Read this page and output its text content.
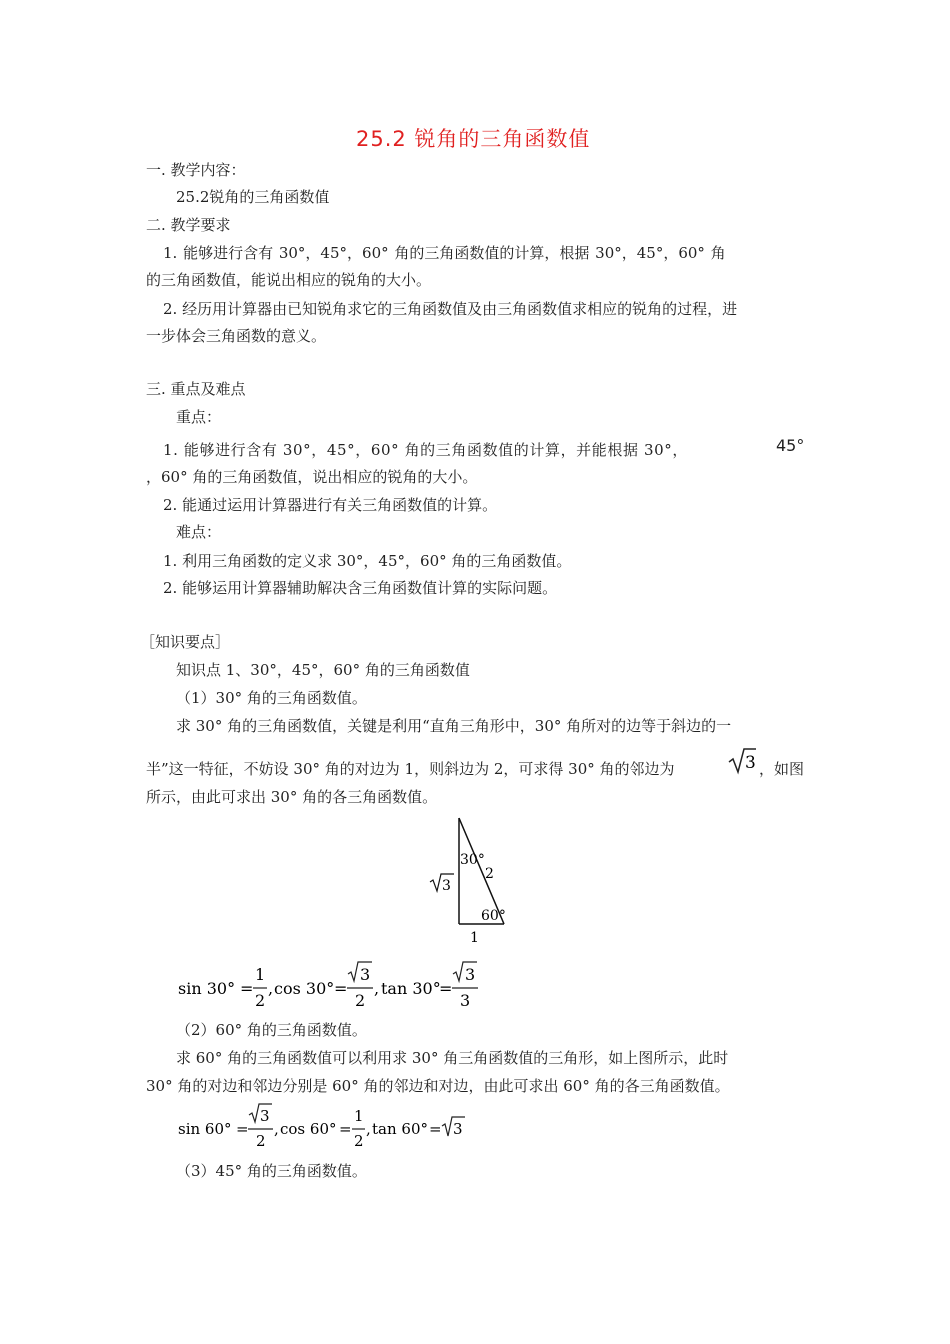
25.2 锐角的三角函数值
一. 教学内容：
25.2锐角的三角函数值
二. 教学要求
1. 能够进行含有 30°，45°，60° 角的三角函数值的计算，根据 30°，45°，60° 角
的三角函数值，能说出相应的锐角的大小。
2. 经历用计算器由已知锐角求它的三角函数值及由三角函数值求相应的锐角的过程，进
一步体会三角函数的意义。
三. 重点及难点
重点：
1. 能够进行含有 30°，45°，60° 角的三角函数值的计算，并能根据 30°，	45°
，60° 角的三角函数值，说出相应的锐角的大小。
2. 能通过运用计算器进行有关三角函数值的计算。
难点：
1. 利用三角函数的定义求 30°，45°，60° 角的三角函数值。
2. 能够运用计算器辅助解决含三角函数值计算的实际问题。
［知识要点］
知识点 1、30°，45°，60° 角的三角函数值
（1）30° 角的三角函数值。
求 30° 角的三角函数值，关键是利用“直角三角形中，30° 角所对的边等于斜边的一
半”这一特征，不妨设 30° 角的对边为 1，则斜边为 2，可求得 30° 角的邻边为	3 ，如图
所示，由此可求出 30° 角的各三角函数值。
30°
2
60°
1
3
sin 30° =
1
2
, cos 30° =
3
2
, tan 30°
=
3
3
（2）60° 角的三角函数值。
求 60° 角的三角函数值可以利用求 30° 角三角函数值的三角形，如上图所示，此时
30° 角的对边和邻边分别是 60° 角的邻边和对边，由此可求出 60° 角的各三角函数值。
sin 60° =
3
2
, cos 60° =
1
2
, tan 60° = 3
（3）45° 角的三角函数值。
